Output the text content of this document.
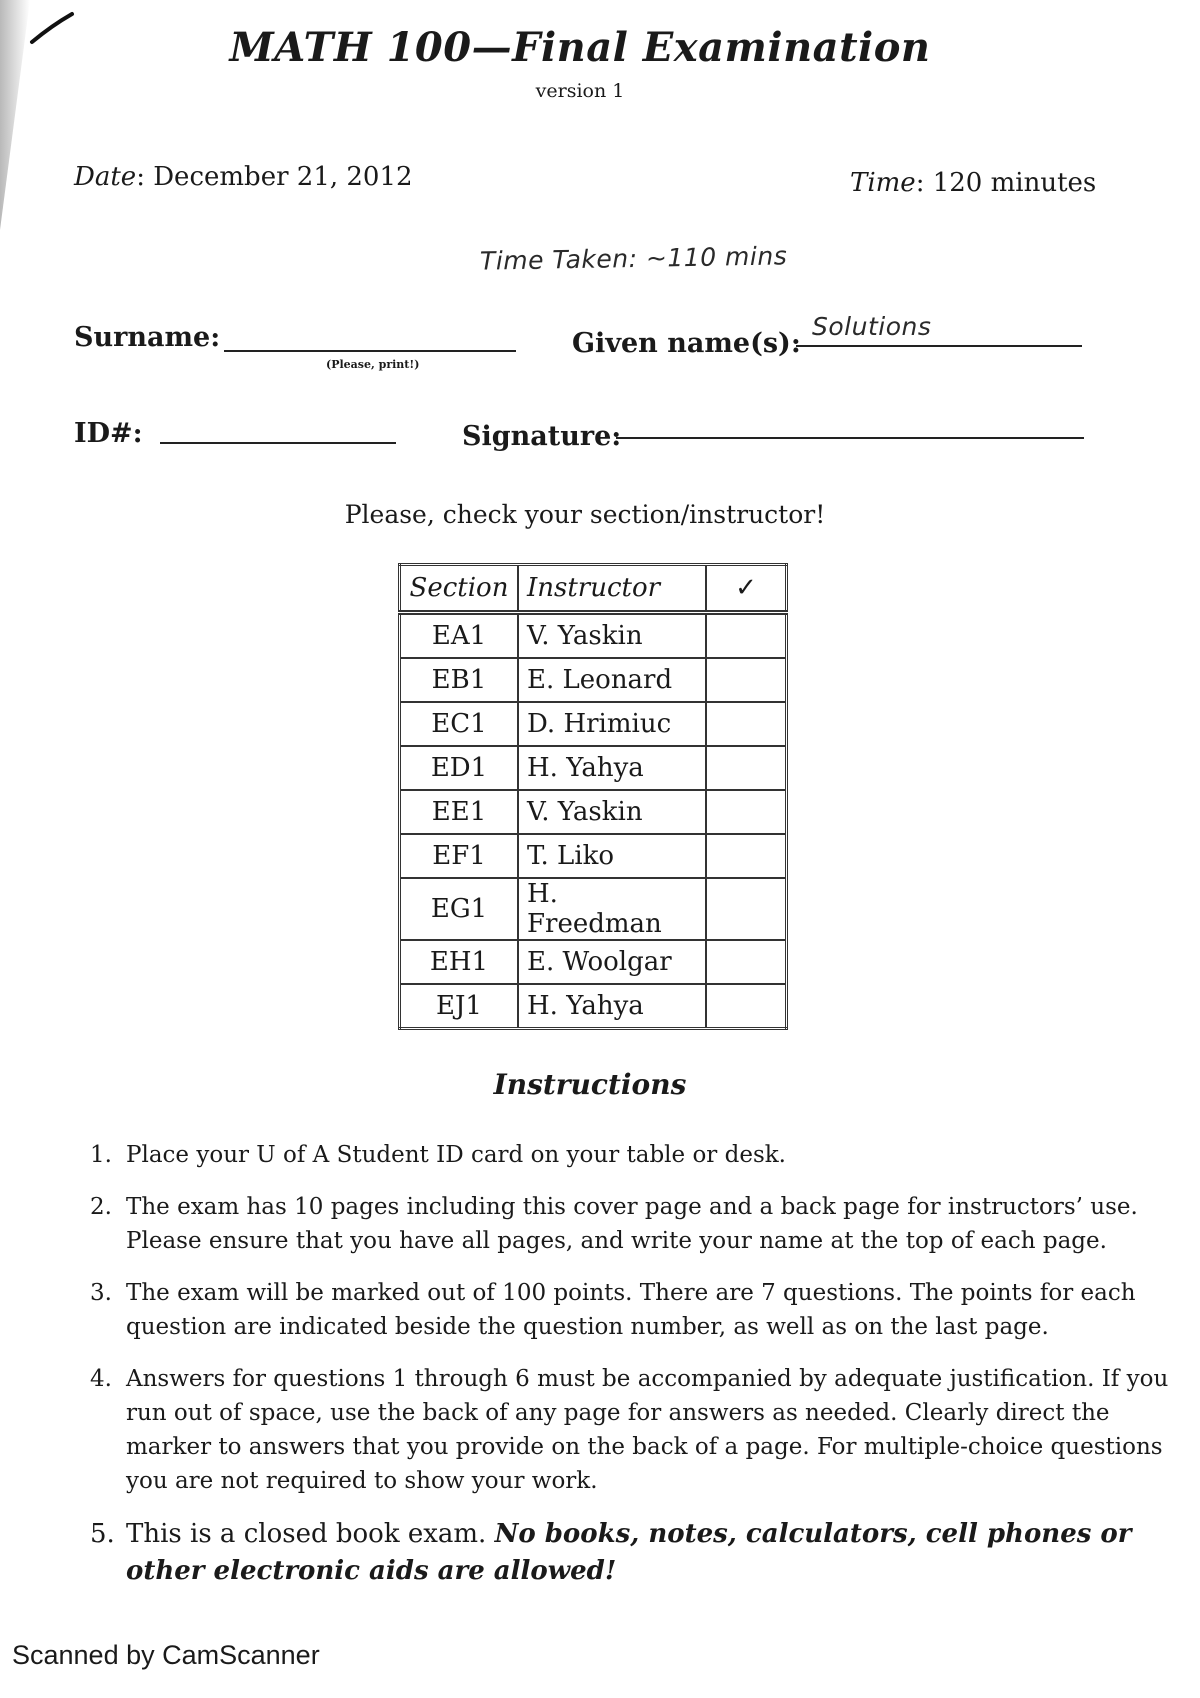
MATH 100—Final Examination
version 1
Date: December 21, 2012	Time: 120 minutes
Time Taken: ~110 mins
Surname:
(Please, print!)
Given name(s):
Solutions
ID#:	Signature:
Please, check your section/instructor!
Section	Instructor	✓
EA1	V. Yaskin	
EB1	E. Leonard	
EC1	D. Hrimiuc	
ED1	H. Yahya	
EE1	V. Yaskin	
EF1	T. Liko	
EG1	H. Freedman	
EH1	E. Woolgar	
EJ1	H. Yahya	
Instructions
1. Place your U of A Student ID card on your table or desk.
2. The exam has 10 pages including this cover page and a back page for instructors’ use. Please ensure that you have all pages, and write your name at the top of each page.
3. The exam will be marked out of 100 points. There are 7 questions. The points for each question are indicated beside the question number, as well as on the last page.
4. Answers for questions 1 through 6 must be accompanied by adequate justification. If you run out of space, use the back of any page for answers as needed. Clearly direct the marker to answers that you provide on the back of a page. For multiple-choice questions you are not required to show your work.
5. This is a closed book exam. No books, notes, calculators, cell phones or other electronic aids are allowed!
Scanned by CamScanner
